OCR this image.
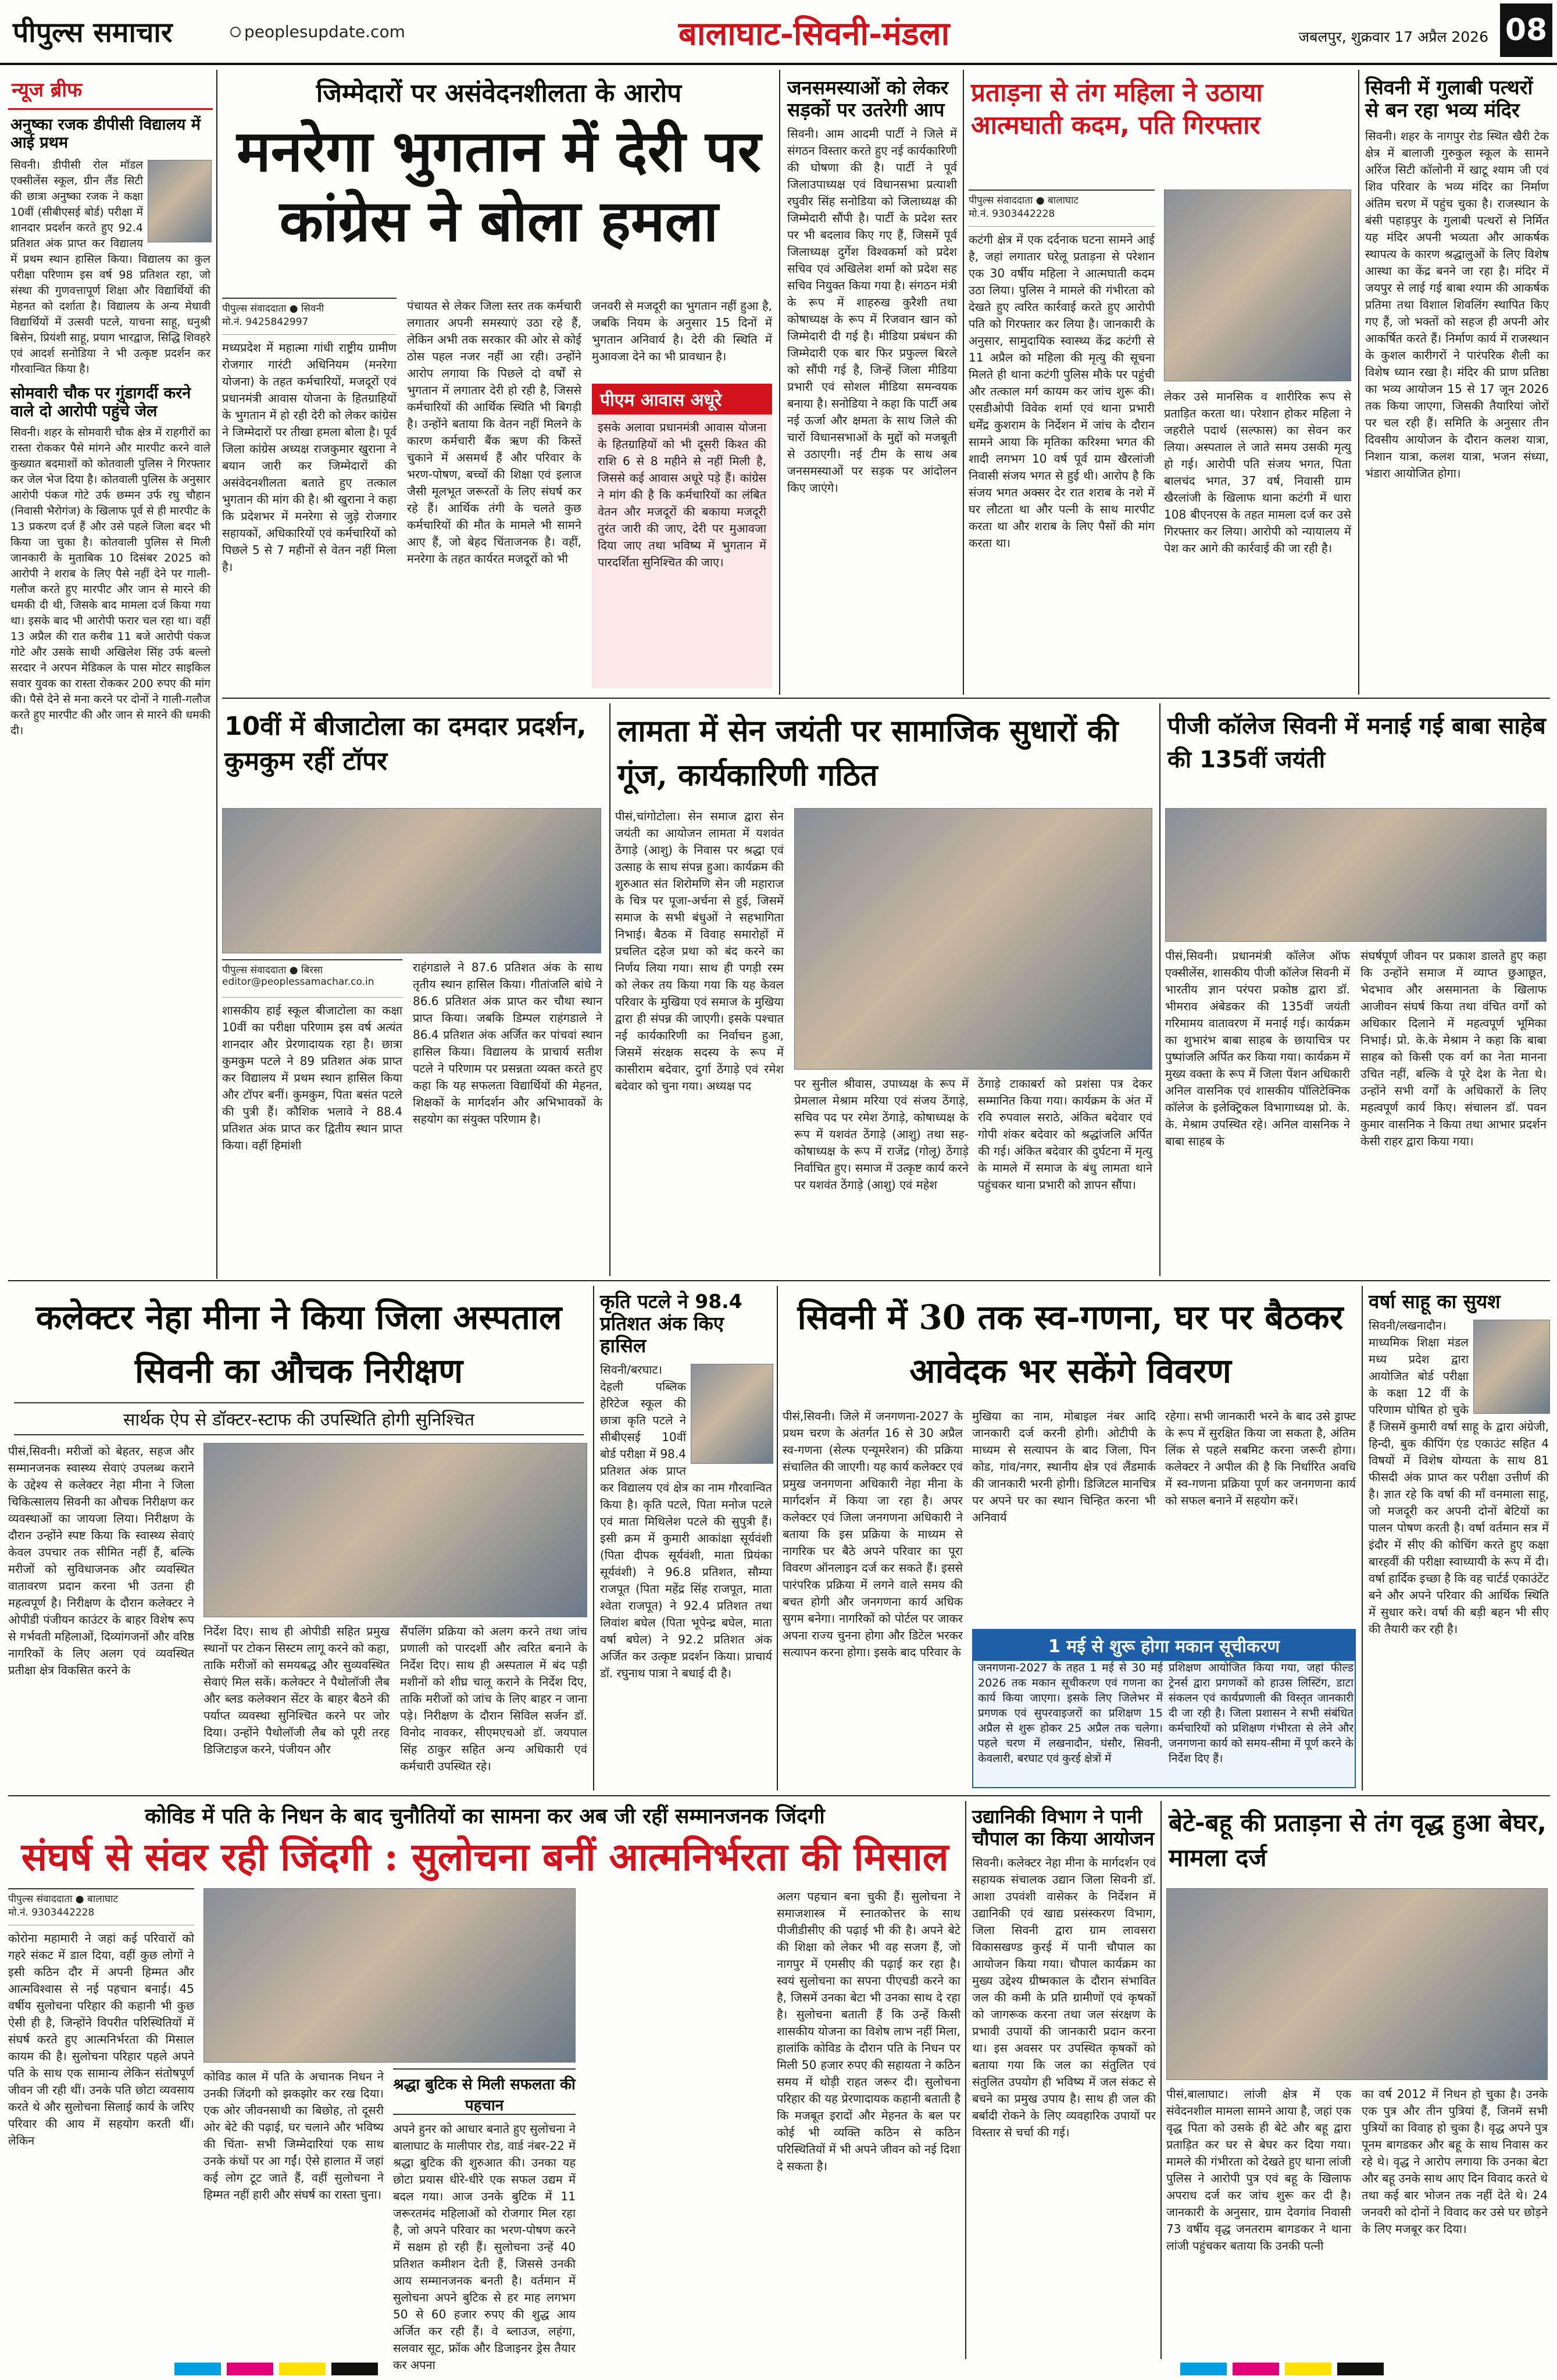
पीपुल्स समाचार	peoplesupdate.com	बालाघाट-सिवनी-मंडला	जबलपुर, शुक्रवार 17 अप्रैल 2026 08
न्यूज ब्रीफ
अनुष्का रजक डीपीसी विद्यालय में आई प्रथम
सिवनी। डीपीसी रोल मॉडल एक्सीलेंस स्कूल, ग्रीन लैंड सिटी की छात्रा अनुष्का रजक ने कक्षा 10वीं (सीबीएसई बोर्ड) परीक्षा में शानदार प्रदर्शन करते हुए 92.4 प्रतिशत अंक प्राप्त कर विद्यालय में प्रथम स्थान हासिल किया। विद्यालय का कुल परीक्षा परिणाम इस वर्ष 98 प्रतिशत रहा, जो संस्था की गुणवत्तापूर्ण शिक्षा और विद्यार्थियों की मेहनत को दर्शाता है। विद्यालय के अन्य मेधावी विद्यार्थियों में उत्सवी पटले, याचना साहू, धनुश्री बिसेन, प्रियंशी साहू, प्रयाग भारद्वाज, सिद्धि शिवहरे एवं आदर्श सनोडिया ने भी उत्कृष्ट प्रदर्शन कर गौरवान्वित किया है।
सोमवारी चौक पर गुंडागर्दी करने वाले दो आरोपी पहुंचे जेल
सिवनी। शहर के सोमवारी चौक क्षेत्र में राहगीरों का रास्ता रोककर पैसे मांगने और मारपीट करने वाले कुख्यात बदमाशों को कोतवाली पुलिस ने गिरफ्तार कर जेल भेज दिया है। कोतवाली पुलिस के अनुसार आरोपी पंकज गोटे उर्फ छम्मन उर्फ रघु चौहान (निवासी भैरोगंज) के खिलाफ पूर्व से ही मारपीट के 13 प्रकरण दर्ज हैं और उसे पहले जिला बदर भी किया जा चुका है। कोतवाली पुलिस से मिली जानकारी के मुताबिक 10 दिसंबर 2025 को आरोपी ने शराब के लिए पैसे नहीं देने पर गाली-गलौज करते हुए मारपीट और जान से मारने की धमकी दी थी, जिसके बाद मामला दर्ज किया गया था। इसके बाद भी आरोपी फरार चल रहा था। वहीं 13 अप्रैल की रात करीब 11 बजे आरोपी पंकज गोटे और उसके साथी अखिलेश सिंह उर्फ बल्लो सरदार ने अरपन मेडिकल के पास मोटर साइकिल सवार युवक का रास्ता रोककर 200 रुपए की मांग की। पैसे देने से मना करने पर दोनों ने गाली-गलौज करते हुए मारपीट की और जान से मारने की धमकी दी।
जिम्मेदारों पर असंवेदनशीलता के आरोप
मनरेगा भुगतान में देरी पर कांग्रेस ने बोला हमला
पीपुल्स संवाददाता ● सिवनी
मो.नं. 9425842997
मध्यप्रदेश में महात्मा गांधी राष्ट्रीय ग्रामीण रोजगार गारंटी अधिनियम (मनरेगा योजना) के तहत कर्मचारियों, मजदूरों एवं प्रधानमंत्री आवास योजना के हितग्राहियों के भुगतान में हो रही देरी को लेकर कांग्रेस ने जिम्मेदारों पर तीखा हमला बोला है। पूर्व जिला कांग्रेस अध्यक्ष राजकुमार खुराना ने बयान जारी कर जिम्मेदारों की असंवेदनशीलता बताते हुए तत्काल भुगतान की मांग की है। श्री खुराना ने कहा कि प्रदेशभर में मनरेगा से जुड़े रोजगार सहायकों, अधिकारियों एवं कर्मचारियों को पिछले 5 से 7 महीनों से वेतन नहीं मिला है।
पंचायत से लेकर जिला स्तर तक कर्मचारी लगातार अपनी समस्याएं उठा रहे हैं, लेकिन अभी तक सरकार की ओर से कोई ठोस पहल नजर नहीं आ रही। उन्होंने आरोप लगाया कि पिछले दो वर्षों से भुगतान में लगातार देरी हो रही है, जिससे कर्मचारियों की आर्थिक स्थिति भी बिगड़ी है। उन्होंने बताया कि वेतन नहीं मिलने के कारण कर्मचारी बैंक ऋण की किस्तें चुकाने में असमर्थ हैं और परिवार के भरण-पोषण, बच्चों की शिक्षा एवं इलाज जैसी मूलभूत जरूरतों के लिए संघर्ष कर रहे हैं। आर्थिक तंगी के चलते कुछ कर्मचारियों की मौत के मामले भी सामने आए हैं, जो बेहद चिंताजनक है। वहीं, मनरेगा के तहत कार्यरत मजदूरों को भी
जनवरी से मजदूरी का भुगतान नहीं हुआ है, जबकि नियम के अनुसार 15 दिनों में भुगतान अनिवार्य है। देरी की स्थिति में मुआवजा देने का भी प्रावधान है।
पीएम आवास अधूरे
इसके अलावा प्रधानमंत्री आवास योजना के हितग्राहियों को भी दूसरी किश्त की राशि 6 से 8 महीने से नहीं मिली है, जिससे कई आवास अधूरे पड़े हैं। कांग्रेस ने मांग की है कि कर्मचारियों का लंबित वेतन और मजदूरों की बकाया मजदूरी तुरंत जारी की जाए, देरी पर मुआवजा दिया जाए तथा भविष्य में भुगतान में पारदर्शिता सुनिश्चित की जाए।
जनसमस्याओं को लेकर सड़कों पर उतरेगी आप
सिवनी। आम आदमी पार्टी ने जिले में संगठन विस्तार करते हुए नई कार्यकारिणी की घोषणा की है। पार्टी ने पूर्व जिलाउपाध्यक्ष एवं विधानसभा प्रत्याशी रघुवीर सिंह सनोडिया को जिलाध्यक्ष की जिम्मेदारी सौंपी है। पार्टी के प्रदेश स्तर पर भी बदलाव किए गए हैं, जिसमें पूर्व जिलाध्यक्ष दुर्गेश विश्वकर्मा को प्रदेश सचिव एवं अखिलेश शर्मा को प्रदेश सह सचिव नियुक्त किया गया है। संगठन मंत्री के रूप में शाहरुख कुरैशी तथा कोषाध्यक्ष के रूप में रिजवान खान को जिम्मेदारी दी गई है। मीडिया प्रबंधन की जिम्मेदारी एक बार फिर प्रफुल्ल बिरले को सौंपी गई है, जिन्हें जिला मीडिया प्रभारी एवं सोशल मीडिया समन्वयक बनाया है। सनोडिया ने कहा कि पार्टी अब नई ऊर्जा और क्षमता के साथ जिले की चारों विधानसभाओं के मुद्दों को मजबूती से उठाएगी। नई टीम के साथ अब जनसमस्याओं पर सड़क पर आंदोलन किए जाएंगे।
प्रताड़ना से तंग महिला ने उठाया आत्मघाती कदम, पति गिरफ्तार
पीपुल्स संवाददाता ● बालाघाट
मो.नं. 9303442228
कटंगी क्षेत्र में एक दर्दनाक घटना सामने आई है, जहां लगातार घरेलू प्रताड़ना से परेशान एक 30 वर्षीय महिला ने आत्मघाती कदम उठा लिया। पुलिस ने मामले की गंभीरता को देखते हुए त्वरित कार्रवाई करते हुए आरोपी पति को गिरफ्तार कर लिया है। जानकारी के अनुसार, सामुदायिक स्वास्थ्य केंद्र कटंगी से 11 अप्रैल को महिला की मृत्यु की सूचना मिलते ही थाना कटंगी पुलिस मौके पर पहुंची और तत्काल मर्ग कायम कर जांच शुरू की। एसडीओपी विवेक शर्मा एवं थाना प्रभारी धर्मेंद्र कुशराम के निर्देशन में जांच के दौरान सामने आया कि मृतिका करिश्मा भगत की शादी लगभग 10 वर्ष पूर्व ग्राम खैरलांजी निवासी संजय भगत से हुई थी। आरोप है कि संजय भगत अक्सर देर रात शराब के नशे में घर लौटता था और पत्नी के साथ मारपीट करता था और शराब के लिए पैसों की मांग करता था।
लेकर उसे मानसिक व शारीरिक रूप से प्रताड़ित करता था। परेशान होकर महिला ने जहरीले पदार्थ (सल्फास) का सेवन कर लिया। अस्पताल ले जाते समय उसकी मृत्यु हो गई। आरोपी पति संजय भगत, पिता बालचंद भगत, 37 वर्ष, निवासी ग्राम खैरलांजी के खिलाफ थाना कटंगी में धारा 108 बीएनएस के तहत मामला दर्ज कर उसे गिरफ्तार कर लिया। आरोपी को न्यायालय में पेश कर आगे की कार्रवाई की जा रही है।
सिवनी में गुलाबी पत्थरों से बन रहा भव्य मंदिर
सिवनी। शहर के नागपुर रोड स्थित खैरी टेक क्षेत्र में बालाजी गुरुकुल स्कूल के सामने अरिंज सिटी कॉलोनी में खाटू श्याम जी एवं शिव परिवार के भव्य मंदिर का निर्माण अंतिम चरण में पहुंच चुका है। राजस्थान के बंसी पहाड़पुर के गुलाबी पत्थरों से निर्मित यह मंदिर अपनी भव्यता और आकर्षक स्थापत्य के कारण श्रद्धालुओं के लिए विशेष आस्था का केंद्र बनने जा रहा है। मंदिर में जयपुर से लाई गई बाबा श्याम की आकर्षक प्रतिमा तथा विशाल शिवलिंग स्थापित किए गए हैं, जो भक्तों को सहज ही अपनी ओर आकर्षित करते हैं। निर्माण कार्य में राजस्थान के कुशल कारीगरों ने पारंपरिक शैली का विशेष ध्यान रखा है। मंदिर की प्राण प्रतिष्ठा का भव्य आयोजन 15 से 17 जून 2026 तक किया जाएगा, जिसकी तैयारियां जोरों पर चल रही हैं। समिति के अनुसार तीन दिवसीय आयोजन के दौरान कलश यात्रा, निशान यात्रा, कलश यात्रा, भजन संध्या, भंडारा आयोजित होगा।
10वीं में बीजाटोला का दमदार प्रदर्शन, कुमकुम रहीं टॉपर
पीपुल्स संवाददाता ● बिरसा
editor@peoplessamachar.co.in
शासकीय हाई स्कूल बीजाटोला का कक्षा 10वीं का परीक्षा परिणाम इस वर्ष अत्यंत शानदार और प्रेरणादायक रहा है। छात्रा कुमकुम पटले ने 89 प्रतिशत अंक प्राप्त कर विद्यालय में प्रथम स्थान हासिल किया और टॉपर बनीं। कुमकुम, पिता बसंत पटले की पुत्री हैं। कौशिक भलावे ने 88.4 प्रतिशत अंक प्राप्त कर द्वितीय स्थान प्राप्त किया। वहीं हिमांशी
राहंगडाले ने 87.6 प्रतिशत अंक के साथ तृतीय स्थान हासिल किया। गीतांजलि बांधे ने 86.6 प्रतिशत अंक प्राप्त कर चौथा स्थान प्राप्त किया। जबकि डिम्पल राहंगडाले ने 86.4 प्रतिशत अंक अर्जित कर पांचवां स्थान हासिल किया। विद्यालय के प्राचार्य सतीश पटले ने परिणाम पर प्रसन्नता व्यक्त करते हुए कहा कि यह सफलता विद्यार्थियों की मेहनत, शिक्षकों के मार्गदर्शन और अभिभावकों के सहयोग का संयुक्त परिणाम है।
लामता में सेन जयंती पर सामाजिक सुधारों की गूंज, कार्यकारिणी गठित
पीसं,चांगोटोला। सेन समाज द्वारा सेन जयंती का आयोजन लामता में यशवंत ठेंगाड़े (आशु) के निवास पर श्रद्धा एवं उत्साह के साथ संपन्न हुआ। कार्यक्रम की शुरुआत संत शिरोमणि सेन जी महाराज के चित्र पर पूजा-अर्चना से हुई, जिसमें समाज के सभी बंधुओं ने सहभागिता निभाई। बैठक में विवाह समारोहों में प्रचलित दहेज प्रथा को बंद करने का निर्णय लिया गया। साथ ही पगड़ी रस्म को लेकर तय किया गया कि यह केवल परिवार के मुखिया एवं समाज के मुखिया द्वारा ही संपन्न की जाएगी। इसके पश्चात नई कार्यकारिणी का निर्वाचन हुआ, जिसमें संरक्षक सदस्य के रूप में कासीराम बदेवार, दुर्गा ठेंगाड़े एवं रमेश बदेवार को चुना गया। अध्यक्ष पद	पर सुनील श्रीवास, उपाध्यक्ष के रूप में प्रेमलाल मेश्राम मरिया एवं संजय ठेंगाड़े, सचिव पद पर रमेश ठेंगाड़े, कोषाध्यक्ष के रूप में यशवंत ठेंगाड़े (आशु) तथा सह-कोषाध्यक्ष के रूप में राजेंद्र (गोलू) ठेंगाड़े निर्वाचित हुए। समाज में उत्कृष्ट कार्य करने पर यशवंत ठेंगाड़े (आशु) एवं महेश
ठेंगाड़े टाकाबर्रा को प्रशंसा पत्र देकर सम्मानित किया गया। कार्यक्रम के अंत में रवि रुपवाल सराठे, अंकित बदेवार एवं गोपी शंकर बदेवार को श्रद्धांजलि अर्पित की गई। अंकित बदेवार की दुर्घटना में मृत्यु के मामले में समाज के बंधु लामता थाने पहुंचकर थाना प्रभारी को ज्ञापन सौंपा।
पीजी कॉलेज सिवनी में मनाई गई बाबा साहेब की 135वीं जयंती
पीसं,सिवनी। प्रधानमंत्री कॉलेज ऑफ एक्सीलेंस, शासकीय पीजी कॉलेज सिवनी में भारतीय ज्ञान परंपरा प्रकोष्ठ द्वारा डॉ. भीमराव अंबेडकर की 135वीं जयंती गरिमामय वातावरण में मनाई गई। कार्यक्रम का शुभारंभ बाबा साहब के छायाचित्र पर पुष्पांजलि अर्पित कर किया गया। कार्यक्रम में मुख्य वक्ता के रूप में जिला पेंशन अधिकारी अनिल वासनिक एवं शासकीय पॉलिटेक्निक कॉलेज के इलेक्ट्रिकल विभागाध्यक्ष प्रो. के. के. मेश्राम उपस्थित रहे। अनिल वासनिक ने बाबा साहब के
संघर्षपूर्ण जीवन पर प्रकाश डालते हुए कहा कि उन्होंने समाज में व्याप्त छुआछूत, भेदभाव और असमानता के खिलाफ आजीवन संघर्ष किया तथा वंचित वर्गों को अधिकार दिलाने में महत्वपूर्ण भूमिका निभाई। प्रो. के.के मेश्राम ने कहा कि बाबा साहब को किसी एक वर्ग का नेता मानना उचित नहीं, बल्कि वे पूरे देश के नेता थे। उन्होंने सभी वर्गों के अधिकारों के लिए महत्वपूर्ण कार्य किए। संचालन डॉ. पवन कुमार वासनिक ने किया तथा आभार प्रदर्शन केसी राहर द्वारा किया गया।
कलेक्टर नेहा मीना ने किया जिला अस्पताल सिवनी का औचक निरीक्षण
सार्थक ऐप से डॉक्टर-स्टाफ की उपस्थिति होगी सुनिश्चित
पीसं,सिवनी। मरीजों को बेहतर, सहज और सम्मानजनक स्वास्थ्य सेवाएं उपलब्ध कराने के उद्देश्य से कलेक्टर नेहा मीना ने जिला चिकित्सालय सिवनी का औचक निरीक्षण कर व्यवस्थाओं का जायजा लिया। निरीक्षण के दौरान उन्होंने स्पष्ट किया कि स्वास्थ्य सेवाएं केवल उपचार तक सीमित नहीं हैं, बल्कि मरीजों को सुविधाजनक और व्यवस्थित वातावरण प्रदान करना भी उतना ही महत्वपूर्ण है। निरीक्षण के दौरान कलेक्टर ने ओपीडी पंजीयन काउंटर के बाहर विशेष रूप से गर्भवती महिलाओं, दिव्यांगजनों और वरिष्ठ नागरिकों के लिए अलग एवं व्यवस्थित प्रतीक्षा क्षेत्र विकसित करने के
निर्देश दिए। साथ ही ओपीडी सहित प्रमुख स्थानों पर टोकन सिस्टम लागू करने को कहा, ताकि मरीजों को समयबद्ध और सुव्यवस्थित सेवाएं मिल सकें। कलेक्टर ने पैथोलॉजी लैब और ब्लड कलेक्शन सेंटर के बाहर बैठने की पर्याप्त व्यवस्था सुनिश्चित करने पर जोर दिया। उन्होंने पैथोलॉजी लैब को पूरी तरह डिजिटाइज करने, पंजीयन और
सैंपलिंग प्रक्रिया को अलग करने तथा जांच प्रणाली को पारदर्शी और त्वरित बनाने के निर्देश दिए। साथ ही अस्पताल में बंद पड़ी मशीनों को शीघ्र चालू कराने के निर्देश दिए, ताकि मरीजों को जांच के लिए बाहर न जाना पड़े। निरीक्षण के दौरान सिविल सर्जन डॉ. विनोद नावकर, सीएमएचओ डॉ. जयपाल सिंह ठाकुर सहित अन्य अधिकारी एवं कर्मचारी उपस्थित रहे।
कृति पटले ने 98.4 प्रतिशत अंक किए हासिल
सिवनी/बरघाट। देहली पब्लिक हेरिटेज स्कूल की छात्रा कृति पटले ने सीबीएसई 10वीं बोर्ड परीक्षा में 98.4 प्रतिशत अंक प्राप्त कर विद्यालय एवं क्षेत्र का नाम गौरवान्वित किया है। कृति पटले, पिता मनोज पटले एवं माता मिथिलेश पटले की सुपुत्री हैं। इसी क्रम में कुमारी आकांक्षा सूर्यवंशी (पिता दीपक सूर्यवंशी, माता प्रियंका सूर्यवंशी) ने 96.8 प्रतिशत, सौम्या राजपूत (पिता महेंद्र सिंह राजपूत, माता श्वेता राजपूत) ने 92.4 प्रतिशत तथा लिवांश बघेल (पिता भूपेन्द्र बघेल, माता वर्षा बघेल) ने 92.2 प्रतिशत अंक अर्जित कर उत्कृष्ट प्रदर्शन किया। प्राचार्य डॉ. रघुनाथ पात्रा ने बधाई दी है।
सिवनी में 30 तक स्व-गणना, घर पर बैठकर आवेदक भर सकेंगे विवरण
पीसं,सिवनी। जिले में जनगणना-2027 के प्रथम चरण के अंतर्गत 16 से 30 अप्रैल स्व-गणना (सेल्फ एन्यूमरेशन) की प्रक्रिया संचालित की जाएगी। यह कार्य कलेक्टर एवं प्रमुख जनगणना अधिकारी नेहा मीना के मार्गदर्शन में किया जा रहा है। अपर कलेक्टर एवं जिला जनगणना अधिकारी ने बताया कि इस प्रक्रिया के माध्यम से नागरिक घर बैठे अपने परिवार का पूरा विवरण ऑनलाइन दर्ज कर सकते हैं। इससे पारंपरिक प्रक्रिया में लगने वाले समय की बचत होगी और जनगणना कार्य अधिक सुगम बनेगा। नागरिकों को पोर्टल पर जाकर अपना राज्य चुनना होगा और डिटेल भरकर सत्यापन करना होगा। इसके बाद परिवार के
मुखिया का नाम, मोबाइल नंबर आदि जानकारी दर्ज करनी होगी। ओटीपी के माध्यम से सत्यापन के बाद जिला, पिन कोड, गांव/नगर, स्थानीय क्षेत्र एवं लैंडमार्क की जानकारी भरनी होगी। डिजिटल मानचित्र पर अपने घर का स्थान चिन्हित करना भी अनिवार्य
रहेगा। सभी जानकारी भरने के बाद उसे ड्राफ्ट के रूप में सुरक्षित किया जा सकता है, अंतिम लिंक से पहले सबमिट करना जरूरी होगा। कलेक्टर ने अपील की है कि निर्धारित अवधि में स्व-गणना प्रक्रिया पूर्ण कर जनगणना कार्य को सफल बनाने में सहयोग करें।
1 मई से शुरू होगा मकान सूचीकरण
जनगणना-2027 के तहत 1 मई से 30 मई 2026 तक मकान सूचीकरण एवं गणना का कार्य किया जाएगा। इसके लिए जिलेभर में प्रगणक एवं सुपरवाइजरों का प्रशिक्षण 15 अप्रैल से शुरू होकर 25 अप्रैल तक चलेगा। पहले चरण में लखनादौन, घंसौर, सिवनी, केवलारी, बरघाट एवं कुरई क्षेत्रों में
प्रशिक्षण आयोजित किया गया, जहां फील्ड ट्रेनर्स द्वारा प्रगणकों को हाउस लिस्टिंग, डाटा संकलन एवं कार्यप्रणाली की विस्तृत जानकारी दी जा रही है। जिला प्रशासन ने सभी संबंधित कर्मचारियों को प्रशिक्षण गंभीरता से लेने और जनगणना कार्य को समय-सीमा में पूर्ण करने के निर्देश दिए हैं।
वर्षा साहू का सुयश
सिवनी/लखनादौन। माध्यमिक शिक्षा मंडल मध्य प्रदेश द्वारा आयोजित बोर्ड परीक्षा के कक्षा 12 वीं के परिणाम घोषित हो चुके हैं जिसमें कुमारी वर्षा साहू के द्वारा अंग्रेजी, हिन्दी, बुक कीपिंग एंड एकाउंट सहित 4 विषयों में विशेष योग्यता के साथ 81 फीसदी अंक प्राप्त कर परीक्षा उत्तीर्ण की है। ज्ञात रहे कि वर्षा की माँ वनमाला साहू, जो मजदूरी कर अपनी दोनों बेटियों का पालन पोषण करती है। वर्षा वर्तमान सत्र में इंदौर में सीए की कोचिंग करते हुए कक्षा बारहवीं की परीक्षा स्वाध्यायी के रूप में दी। वर्षा हार्दिक इच्छा है कि वह चार्टर्ड एकाउंटेंट बने और अपने परिवार की आर्थिक स्थिति में सुधार करे। वर्षा की बड़ी बहन भी सीए की तैयारी कर रही है।
कोविड में पति के निधन के बाद चुनौतियों का सामना कर अब जी रहीं सम्मानजनक जिंदगी
संघर्ष से संवर रही जिंदगी : सुलोचना बनीं आत्मनिर्भरता की मिसाल
पीपुल्स संवाददाता ● बालाघाट
मो.नं. 9303442228
कोरोना महामारी ने जहां कई परिवारों को गहरे संकट में डाल दिया, वहीं कुछ लोगों ने इसी कठिन दौर में अपनी हिम्मत और आत्मविश्वास से नई पहचान बनाई। 45 वर्षीय सुलोचना परिहार की कहानी भी कुछ ऐसी ही है, जिन्होंने विपरीत परिस्थितियों में संघर्ष करते हुए आत्मनिर्भरता की मिसाल कायम की है। सुलोचना परिहार पहले अपने पति के साथ एक सामान्य लेकिन संतोषपूर्ण जीवन जी रही थीं। उनके पति छोटा व्यवसाय करते थे और सुलोचना सिलाई कार्य के जरिए परिवार की आय में सहयोग करती थीं। लेकिन
कोविड काल में पति के अचानक निधन ने उनकी जिंदगी को झकझोर कर रख दिया। एक ओर जीवनसाथी का बिछोह, तो दूसरी ओर बेटे की पढ़ाई, घर चलाने और भविष्य की चिंता- सभी जिम्मेदारियां एक साथ उनके कंधों पर आ गईं। ऐसे हालात में जहां कई लोग टूट जाते हैं, वहीं सुलोचना ने हिम्मत नहीं हारी और संघर्ष का रास्ता चुना।
श्रद्धा बुटिक से मिली सफलता की पहचान
अपने हुनर को आधार बनाते हुए सुलोचना ने बालाघाट के मालीपार रोड, वार्ड नंबर-22 में श्रद्धा बुटिक की शुरुआत की। उनका यह छोटा प्रयास धीरे-धीरे एक सफल उद्यम में बदल गया। आज उनके बुटिक में 11 जरूरतमंद महिलाओं को रोजगार मिल रहा है, जो अपने परिवार का भरण-पोषण करने में सक्षम हो रही हैं। सुलोचना उन्हें 40 प्रतिशत कमीशन देती हैं, जिससे उनकी आय सम्मानजनक बनती है। वर्तमान में सुलोचना अपने बुटिक से हर माह लगभग 50 से 60 हजार रुपए की शुद्ध आय अर्जित कर रही हैं। वे ब्लाउज, लहंगा, सलवार सूट, फ्रॉक और डिजाइनर ड्रेस तैयार कर अपना
अलग पहचान बना चुकी हैं। सुलोचना ने समाजशास्त्र में स्नातकोत्तर के साथ पीजीडीसीए की पढ़ाई भी की है। अपने बेटे की शिक्षा को लेकर भी वह सजग हैं, जो नागपुर में एमसीए की पढ़ाई कर रहा है। स्वयं सुलोचना का सपना पीएचडी करने का है, जिसमें उनका बेटा भी उनका साथ दे रहा है। सुलोचना बताती हैं कि उन्हें किसी शासकीय योजना का विशेष लाभ नहीं मिला, हालांकि कोविड के दौरान पति के निधन पर मिली 50 हजार रुपए की सहायता ने कठिन समय में थोड़ी राहत जरूर दी। सुलोचना परिहार की यह प्रेरणादायक कहानी बताती है कि मजबूत इरादों और मेहनत के बल पर कोई भी व्यक्ति कठिन से कठिन परिस्थितियों में भी अपने जीवन को नई दिशा दे सकता है।
उद्यानिकी विभाग ने पानी चौपाल का किया आयोजन
सिवनी। कलेक्टर नेहा मीना के मार्गदर्शन एवं सहायक संचालक उद्यान जिला सिवनी डॉ. आशा उपवंशी वासेकर के निर्देशन में उद्यानिकी एवं खाद्य प्रसंस्करण विभाग, जिला सिवनी द्वारा ग्राम लावसरा विकासखण्ड कुरई में पानी चौपाल का आयोजन किया गया। चौपाल कार्यक्रम का मुख्य उद्देश्य ग्रीष्मकाल के दौरान संभावित जल की कमी के प्रति ग्रामीणों एवं कृषकों को जागरूक करना तथा जल संरक्षण के प्रभावी उपायों की जानकारी प्रदान करना था। इस अवसर पर उपस्थित कृषकों को बताया गया कि जल का संतुलित एवं संतुलित उपयोग ही भविष्य में जल संकट से बचने का प्रमुख उपाय है। साथ ही जल की बर्बादी रोकने के लिए व्यवहारिक उपायों पर विस्तार से चर्चा की गई।
बेटे-बहू की प्रताड़ना से तंग वृद्ध हुआ बेघर, मामला दर्ज
पीसं,बालाघाट। लांजी क्षेत्र में एक संवेदनशील मामला सामने आया है, जहां एक वृद्ध पिता को उसके ही बेटे और बहू द्वारा प्रताड़ित कर घर से बेघर कर दिया गया। मामले की गंभीरता को देखते हुए थाना लांजी पुलिस ने आरोपी पुत्र एवं बहू के खिलाफ अपराध दर्ज कर जांच शुरू कर दी है। जानकारी के अनुसार, ग्राम देवगांव निवासी 73 वर्षीय वृद्ध जनतराम बागडकर ने थाना लांजी पहुंचकर बताया कि उनकी पत्नी
का वर्ष 2012 में निधन हो चुका है। उनके एक पुत्र और तीन पुत्रियां हैं, जिनमें सभी पुत्रियों का विवाह हो चुका है। वृद्ध अपने पुत्र पूनम बागडकर और बहू के साथ निवास कर रहे थे। वृद्ध ने आरोप लगाया कि उनका बेटा और बहू उनके साथ आए दिन विवाद करते थे तथा कई बार भोजन तक नहीं देते थे। 24 जनवरी को दोनों ने विवाद कर उसे घर छोड़ने के लिए मजबूर कर दिया।
